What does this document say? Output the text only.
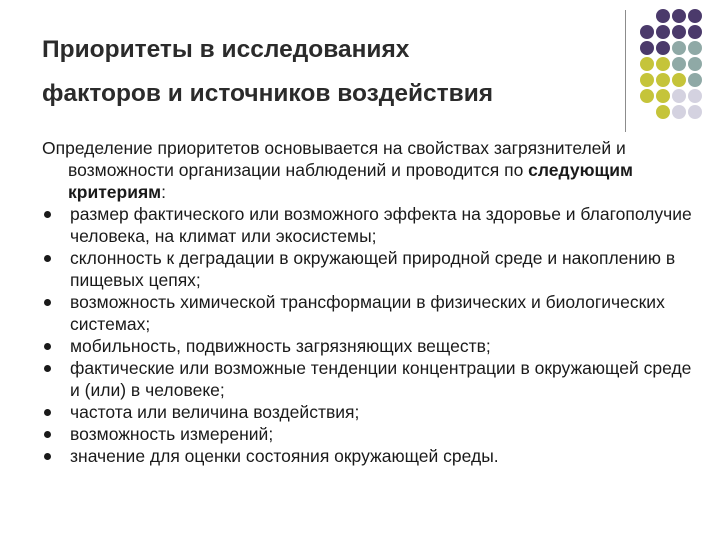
Приоритеты в исследованиях
факторов и источников воздействия
Определение приоритетов основывается на свойствах загрязнителей и возможности организации наблюдений и проводится по следующим критериям:
размер фактического или возможного эффекта на здоровье и благополучие человека, на климат или экосистемы;
склонность к деградации в окружающей природной среде и накоплению в пищевых цепях;
возможность химической трансформации в физических и биологических системах;
мобильность, подвижность загрязняющих веществ;
фактические или возможные тенденции концентрации в окружающей среде и (или) в человеке;
частота или величина воздействия;
возможность измерений;
значение для оценки состояния окружающей среды.
